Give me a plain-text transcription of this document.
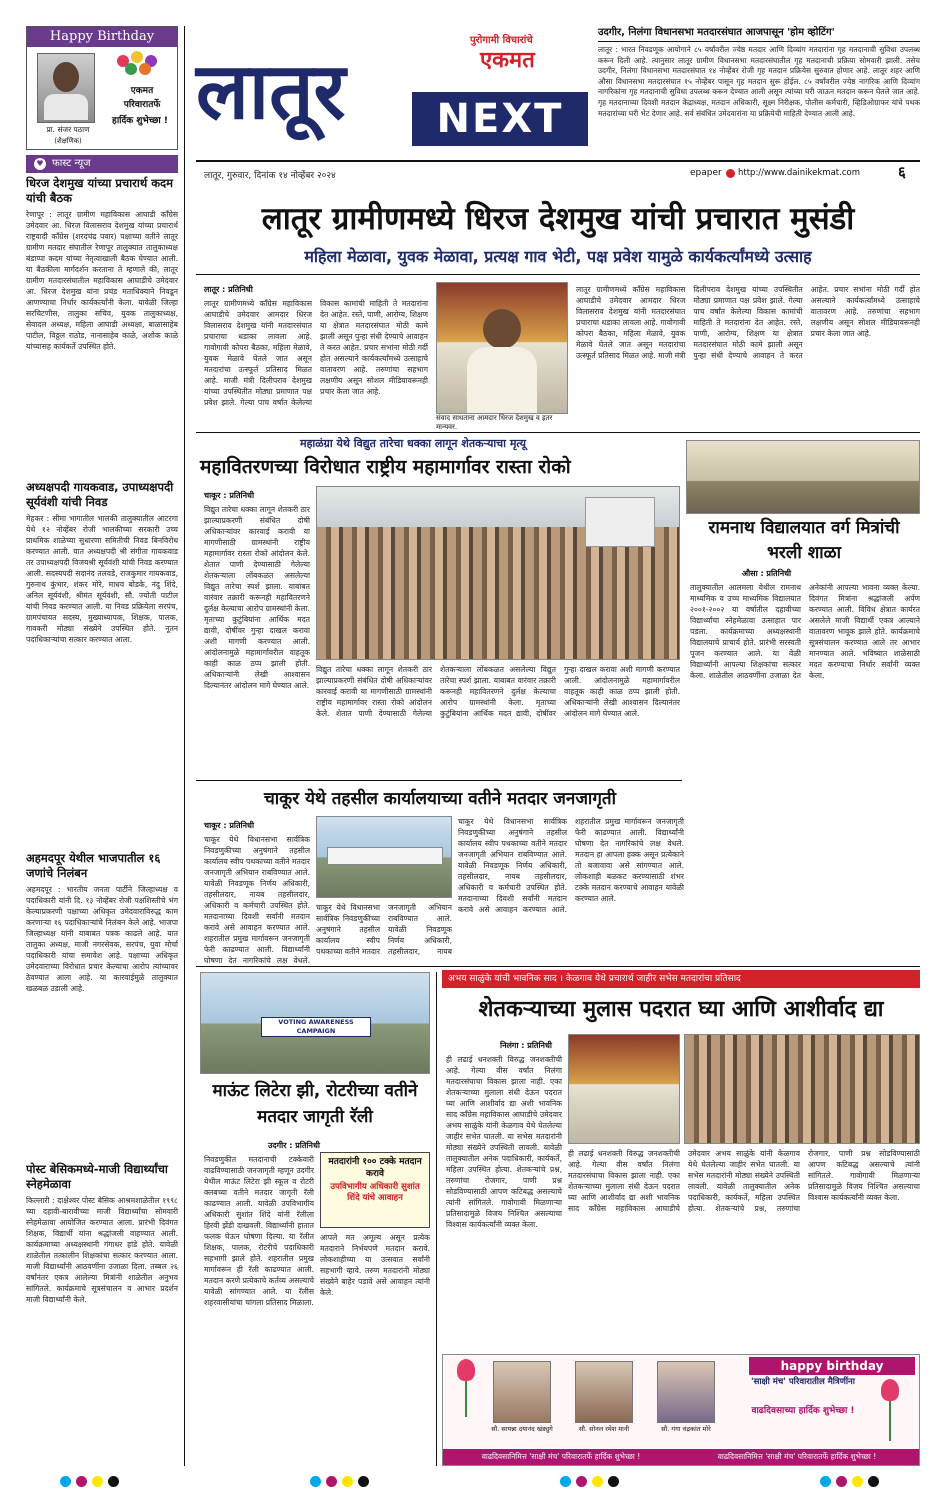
Happy Birthday
एकमत
परिवारातर्फे
हार्दिक शुभेच्छा !
प्रा. संजर पठाण
(शैक्षणिक)
♥ फास्ट न्यूज
धिरज देशमुख यांच्या प्रचारार्थ कदम यांची बैठक
रेणापूर : लातूर ग्रामीण महाविकास आघाडी काँग्रेस उमेदवार आ. धिरज विलासराव देशमुख यांच्या प्रचारार्थ राष्ट्रवादी काँग्रेस (शरदचंद्र पवार) पक्षाच्या वतीने लातूर ग्रामीण मतदार संघातील रेणापूर तालुक्यात तालुकाध्यक्ष बंडाप्पा कदम यांच्या नेतृत्वाखाली बैठक घेण्यात आली. या बैठकीला मार्गदर्शन करताना ते म्हणाले की, लातूर ग्रामीण मतदारसंघातील महाविकास आघाडीचे उमेदवार आ. धिरज देशमुख यांना प्रचंड मताधिक्याने निवडून आणण्याचा निर्धार कार्यकर्त्यांनी केला. यावेळी जिल्हा सरचिटणीस, तालुका सचिव, युवक तालुकाध्यक्ष, सेवादल अध्यक्ष, महिला आघाडी अध्यक्षा, बाळासाहेब पाटील, विठ्ठल राठोड, नानासाहेब काळे, अशोक काळे यांच्यासह कार्यकर्ते उपस्थित होते.
अध्यक्षपदी गायकवाड, उपाध्यक्षपदी सूर्यवंशी यांची निवड
मेहकर : सीमा भागातील भालकी तालुक्यातील आटरगा येथे १२ नोव्हेंबर रोजी भालकीच्या सरकारी उच्च प्राथमिक शाळेच्या सुधारणा समितीची निवड बिनविरोध करण्यात आली. यात अध्यक्षपदी श्री संगीता गायकवाड तर उपाध्यक्षपदी विजयश्री सूर्यवंशी यांची निवड करण्यात आली. सदस्यपदी सदानंद तलवडे, राजकुमार गायकवाड, गुरुनाथ कुंभार, शंकर मोरे, माधव बोडके, नंदु शिंदे, अनिल सूर्यवंशी, श्रीमंत सूर्यवंशी, सौ. ज्योती पाटील यांची निवड करण्यात आली. या निवड प्रक्रियेला सरपंच, ग्रामपंचायत सदस्य, मुख्याध्यापक, शिक्षक, पालक, गावकरी मोठ्या संख्येने उपस्थित होते. नूतन पदाधिकाऱ्यांचा सत्कार करण्यात आला.
अहमदपूर येथील भाजपातील १६ जणांचे निलंबन
अहमदपूर : भारतीय जनता पार्टीने जिल्हाध्यक्ष व पदाधिकारी यांनी दि. १३ नोव्हेंबर रोजी पक्षशिस्तीचे भंग केल्याप्रकरणी पक्षाच्या अधिकृत उमेदवाराविरुद्ध काम करणाऱ्या १६ पदाधिकाऱ्यांचे निलंबन केले आहे. भाजपा जिल्हाध्यक्ष यांनी याबाबत पत्रक काढले आहे. यात तालुका अध्यक्ष, माजी नगरसेवक, सरपंच, युवा मोर्चा पदाधिकारी यांचा समावेश आहे. पक्षाच्या अधिकृत उमेदवाराच्या विरोधात प्रचार केल्याचा आरोप त्यांच्यावर ठेवण्यात आला आहे. या कारवाईमुळे तालुक्यात खळबळ उडाली आहे.
पोस्ट बेसिकमध्ये-माजी विद्यार्थ्यांचा स्नेहमेळावा
किल्लारी : दाक्षेश्वर पोस्ट बेसिक आश्रमशाळेतील १९९८ च्या दहावी-बारावीच्या माजी विद्यार्थ्यांचा सोमवारी स्नेहमेळावा आयोजित करण्यात आला. प्रारंभी दिवंगत शिक्षक, विद्यार्थी यांना श्रद्धांजली वाहण्यात आली. कार्यक्रमाच्या अध्यक्षस्थानी गंगाधर हांडे होते. यावेळी शाळेतील तत्कालीन शिक्षकांचा सत्कार करण्यात आला. माजी विद्यार्थ्यांनी आठवणींना उजाळा दिला. तब्बल २६ वर्षांनंतर एकत्र आलेल्या मित्रांनी शाळेतील अनुभव सांगितले. कार्यक्रमाचे सूत्रसंचालन व आभार प्रदर्शन माजी विद्यार्थ्यांनी केले.
लातूर
पुरोगामी विचारांचे
एकमत
NEXT
लातूर, गुरुवार, दिनांक १४ नोव्हेंबर २०२४	epaper http://www.dainikekmat.com	६
उदगीर, निलंगा विधानसभा मतदारसंघात आजपासून 'होम व्होटिंग'
लातूर : भारत निवडणूक आयोगाने ८५ वर्षांवरील ज्येष्ठ मतदार आणि दिव्यांग मतदारांना गृह मतदानाची सुविधा उपलब्ध करून दिली आहे. त्यानुसार लातूर ग्रामीण विधानसभा मतदारसंघातील गृह मतदानाची प्रक्रिया सोमवारी झाली. तसेच उदगीर, निलंगा विधानसभा मतदारसंघात १४ नोव्हेंबर रोजी गृह मतदान प्रक्रियेस सुरुवात होणार आहे. लातूर शहर आणि औसा विधानसभा मतदारसंघात १५ नोव्हेंबर पासून गृह मतदान सुरू होईल. ८५ वर्षांवरील ज्येष्ठ नागरिक आणि दिव्यांग नागरिकांना गृह मतदानाची सुविधा उपलब्ध करून देण्यात आली असून त्यांच्या घरी जाऊन मतदान करून घेतले जात आहे. गृह मतदानाच्या दिवशी मतदान केंद्राध्यक्ष, मतदान अधिकारी, सूक्ष्म निरीक्षक, पोलीस कर्मचारी, व्हिडिओग्राफर यांचे पथक मतदारांच्या घरी भेट देणार आहे. सर्व संबंधित उमेदवारांना या प्रक्रियेची माहिती देण्यात आली आहे.
लातूर ग्रामीणमध्ये धिरज देशमुख यांची प्रचारात मुसंडी
महिला मेळावा, युवक मेळावा, प्रत्यक्ष गाव भेटी, पक्ष प्रवेश यामुळे कार्यकर्त्यांमध्ये उत्साह
लातूर : प्रतिनिधी
लातूर ग्रामीणमध्ये काँग्रेस महाविकास आघाडीचे उमेदवार आमदार धिरज विलासराव देशमुख यांनी मतदारसंघात प्रचाराचा धडाका लावला आहे. गावोगावी कोपरा बैठका, महिला मेळावे, युवक मेळावे घेतले जात असून मतदारांचा उत्स्फूर्त प्रतिसाद मिळत आहे. माजी मंत्री दिलीपराव देशमुख यांच्या उपस्थितीत मोठ्या प्रमाणात पक्ष प्रवेश झाले. गेल्या पाच वर्षांत केलेल्या विकास कामांची माहिती ते मतदारांना देत आहेत. रस्ते, पाणी, आरोग्य, शिक्षण या क्षेत्रात मतदारसंघात मोठी कामे झाली असून पुन्हा संधी देण्याचे आवाहन ते करत आहेत. प्रचार सभांना मोठी गर्दी होत असल्याने कार्यकर्त्यांमध्ये उत्साहाचे वातावरण आहे. तरुणांचा सहभाग लक्षणीय असून सोशल मीडियावरूनही प्रचार केला जात आहे.
संवाद साधताना आमदार धिरज देशमुख व इतर मान्यवर.
लातूर ग्रामीणमध्ये काँग्रेस महाविकास आघाडीचे उमेदवार आमदार धिरज विलासराव देशमुख यांनी मतदारसंघात प्रचाराचा धडाका लावला आहे. गावोगावी कोपरा बैठका, महिला मेळावे, युवक मेळावे घेतले जात असून मतदारांचा उत्स्फूर्त प्रतिसाद मिळत आहे. माजी मंत्री दिलीपराव देशमुख यांच्या उपस्थितीत मोठ्या प्रमाणात पक्ष प्रवेश झाले. गेल्या पाच वर्षांत केलेल्या विकास कामांची माहिती ते मतदारांना देत आहेत. रस्ते, पाणी, आरोग्य, शिक्षण या क्षेत्रात मतदारसंघात मोठी कामे झाली असून पुन्हा संधी देण्याचे आवाहन ते करत आहेत. प्रचार सभांना मोठी गर्दी होत असल्याने कार्यकर्त्यांमध्ये उत्साहाचे वातावरण आहे. तरुणांचा सहभाग लक्षणीय असून सोशल मीडियावरूनही प्रचार केला जात आहे.
महाळंग्रा येथे विद्युत तारेचा धक्का लागून शेतकऱ्याचा मृत्यू
महावितरणच्या विरोधात राष्ट्रीय महामार्गावर रास्ता रोको
चाकूर : प्रतिनिधी
विद्युत तारेचा धक्का लागून शेतकरी ठार झाल्याप्रकरणी संबंधित दोषी अधिकाऱ्यांवर कारवाई करावी या मागणीसाठी ग्रामस्थांनी राष्ट्रीय महामार्गावर रास्ता रोको आंदोलन केले. शेतात पाणी देण्यासाठी गेलेल्या शेतकऱ्याला लोंबकळत असलेल्या विद्युत तारेचा स्पर्श झाला. याबाबत वारंवार तक्रारी करूनही महावितरणने दुर्लक्ष केल्याचा आरोप ग्रामस्थांनी केला. मृताच्या कुटुंबियांना आर्थिक मदत द्यावी, दोषींवर गुन्हा दाखल करावा अशी मागणी करण्यात आली. आंदोलनामुळे महामार्गावरील वाहतूक काही काळ ठप्प झाली होती. अधिकाऱ्यांनी लेखी आश्वासन दिल्यानंतर आंदोलन मागे घेण्यात आले.
विद्युत तारेचा धक्का लागून शेतकरी ठार झाल्याप्रकरणी संबंधित दोषी अधिकाऱ्यांवर कारवाई करावी या मागणीसाठी ग्रामस्थांनी राष्ट्रीय महामार्गावर रास्ता रोको आंदोलन केले. शेतात पाणी देण्यासाठी गेलेल्या शेतकऱ्याला लोंबकळत असलेल्या विद्युत तारेचा स्पर्श झाला. याबाबत वारंवार तक्रारी करूनही महावितरणने दुर्लक्ष केल्याचा आरोप ग्रामस्थांनी केला. मृताच्या कुटुंबियांना आर्थिक मदत द्यावी, दोषींवर गुन्हा दाखल करावा अशी मागणी करण्यात आली. आंदोलनामुळे महामार्गावरील वाहतूक काही काळ ठप्प झाली होती. अधिकाऱ्यांनी लेखी आश्वासन दिल्यानंतर आंदोलन मागे घेण्यात आले.
रामनाथ विद्यालयात वर्ग मित्रांची भरली शाळा
औसा : प्रतिनिधी
तालुक्यातील आलमला येथील रामनाथ माध्यमिक व उच्च माध्यमिक विद्यालयात २००१-२००२ या वर्षातील दहावीच्या विद्यार्थ्यांचा स्नेहमेळावा उत्साहात पार पडला. कार्यक्रमाच्या अध्यक्षस्थानी विद्यालयाचे प्राचार्य होते. प्रारंभी सरस्वती पूजन करण्यात आले. या वेळी विद्यार्थ्यांनी आपल्या शिक्षकांचा सत्कार केला. शाळेतील आठवणींना उजाळा देत अनेकांनी आपल्या भावना व्यक्त केल्या. दिवंगत मित्रांना श्रद्धांजली अर्पण करण्यात आली. विविध क्षेत्रात कार्यरत असलेले माजी विद्यार्थी एकत्र आल्याने वातावरण भावूक झाले होते. कार्यक्रमाचे सूत्रसंचालन करण्यात आले तर आभार मानण्यात आले. भविष्यात शाळेसाठी मदत करण्याचा निर्धार सर्वांनी व्यक्त केला.
चाकूर येथे तहसील कार्यालयाच्या वतीने मतदार जनजागृती
चाकूर : प्रतिनिधी
चाकूर येथे विधानसभा सार्वत्रिक निवडणुकीच्या अनुषंगाने तहसील कार्यालय स्वीप पथकाच्या वतीने मतदार जनजागृती अभियान राबविण्यात आले. यावेळी निवडणूक निर्णय अधिकारी, तहसीलदार, नायब तहसीलदार, अधिकारी व कर्मचारी उपस्थित होते. मतदानाच्या दिवशी सर्वांनी मतदान करावे असे आवाहन करण्यात आले. शहरातील प्रमुख मार्गावरून जनजागृती फेरी काढण्यात आली. विद्यार्थ्यांनी घोषणा देत नागरिकांचे लक्ष वेधले.
चाकूर येथे विधानसभा सार्वत्रिक निवडणुकीच्या अनुषंगाने तहसील कार्यालय स्वीप पथकाच्या वतीने मतदार जनजागृती अभियान राबविण्यात आले. यावेळी निवडणूक निर्णय अधिकारी, तहसीलदार, नायब
चाकूर येथे विधानसभा सार्वत्रिक निवडणुकीच्या अनुषंगाने तहसील कार्यालय स्वीप पथकाच्या वतीने मतदार जनजागृती अभियान राबविण्यात आले. यावेळी निवडणूक निर्णय अधिकारी, तहसीलदार, नायब तहसीलदार, अधिकारी व कर्मचारी उपस्थित होते. मतदानाच्या दिवशी सर्वांनी मतदान करावे असे आवाहन करण्यात आले. शहरातील प्रमुख मार्गावरून जनजागृती फेरी काढण्यात आली. विद्यार्थ्यांनी घोषणा देत नागरिकांचे लक्ष वेधले. मतदान हा आपला हक्क असून प्रत्येकाने तो बजावावा असे सांगण्यात आले. लोकशाही बळकट करण्यासाठी शंभर टक्के मतदान करण्याचे आवाहन यावेळी करण्यात आले.
VOTING AWARENESS CAMPAIGN
माऊंट लिटेरा झी, रोटरीच्या वतीने मतदार जागृती रॅली
उदगीर : प्रतिनिधी
निवडणुकीत मतदानाची टक्केवारी वाढविण्यासाठी जनजागृती म्हणून उदगीर येथील माऊंट लिटेरा झी स्कूल व रोटरी क्लबच्या वतीने मतदार जागृती रॅली काढण्यात आली. यावेळी उपविभागीय अधिकारी सुशांत शिंदे यांनी रॅलीला हिरवी झेंडी दाखवली. विद्यार्थ्यांनी हातात फलक घेऊन घोषणा दिल्या. या रॅलीत शिक्षक, पालक, रोटरीचे पदाधिकारी सहभागी झाले होते. शहरातील प्रमुख मार्गावरून ही रॅली काढण्यात आली. मतदान करणे प्रत्येकाचे कर्तव्य असल्याचे यावेळी सांगण्यात आले. या रॅलीस शहरवासीयांचा चांगला प्रतिसाद मिळाला.
मतदारांनी १०० टक्के मतदान करावे
उपविभागीय अधिकारी सुशांत शिंदे यांचे आवाहन
आपले मत अमूल्य असून प्रत्येक मतदाराने निर्भयपणे मतदान करावे. लोकशाहीच्या या उत्सवात सर्वांनी सहभागी व्हावे. तरुण मतदारांनी मोठ्या संख्येने बाहेर पडावे असे आवाहन त्यांनी केले.
अभय साळुंके यांची भावनिक साद । केळगाव येथे प्रचारार्थ जाहीर सभेस मतदारांचा प्रतिसाद
शेतकऱ्याच्या मुलास पदरात घ्या आणि आशीर्वाद द्या
निलंगा : प्रतिनिधी
ही लढाई धनशक्ती विरुद्ध जनशक्तीची आहे. गेल्या वीस वर्षांत निलंगा मतदारसंघाचा विकास झाला नाही. एका शेतकऱ्याच्या मुलाला संधी देऊन पदरात घ्या आणि आशीर्वाद द्या अशी भावनिक साद काँग्रेस महाविकास आघाडीचे उमेदवार अभय साळुंके यांनी केळगाव येथे घेतलेल्या जाहीर सभेत घातली. या सभेस मतदारांनी मोठ्या संख्येने उपस्थिती लावली. यावेळी तालुक्यातील अनेक पदाधिकारी, कार्यकर्ते, महिला उपस्थित होत्या. शेतकऱ्यांचे प्रश्न, तरुणांचा रोजगार, पाणी प्रश्न सोडविण्यासाठी आपण कटिबद्ध असल्याचे त्यांनी सांगितले. गावोगावी मिळणाऱ्या प्रतिसादामुळे विजय निश्चित असल्याचा विश्वास कार्यकर्त्यांनी व्यक्त केला.
ही लढाई धनशक्ती विरुद्ध जनशक्तीची आहे. गेल्या वीस वर्षांत निलंगा मतदारसंघाचा विकास झाला नाही. एका शेतकऱ्याच्या मुलाला संधी देऊन पदरात घ्या आणि आशीर्वाद द्या अशी भावनिक साद काँग्रेस महाविकास आघाडीचे उमेदवार अभय साळुंके यांनी केळगाव येथे घेतलेल्या जाहीर सभेत घातली. या सभेस मतदारांनी मोठ्या संख्येने उपस्थिती लावली. यावेळी तालुक्यातील अनेक पदाधिकारी, कार्यकर्ते, महिला उपस्थित होत्या. शेतकऱ्यांचे प्रश्न, तरुणांचा रोजगार, पाणी प्रश्न सोडविण्यासाठी आपण कटिबद्ध असल्याचे त्यांनी सांगितले. गावोगावी मिळणाऱ्या प्रतिसादामुळे विजय निश्चित असल्याचा विश्वास कार्यकर्त्यांनी व्यक्त केला.
happy birthday
'साक्षी मंच' परिवारातील मैत्रिणींना
वाढदिवसाच्या हार्दिक शुभेच्छा !
सौ. सायन्ना दयानंद खंड्युगे	सौ. सोनल रमेश मानी	सौ. गंगा चंद्रकांत मोरे
वाढदिवसानिमित्त 'साक्षी मंच' परिवारातर्फे हार्दिक शुभेच्छा !	वाढदिवसानिमित्त 'साक्षी मंच' परिवारातर्फे हार्दिक शुभेच्छा !
